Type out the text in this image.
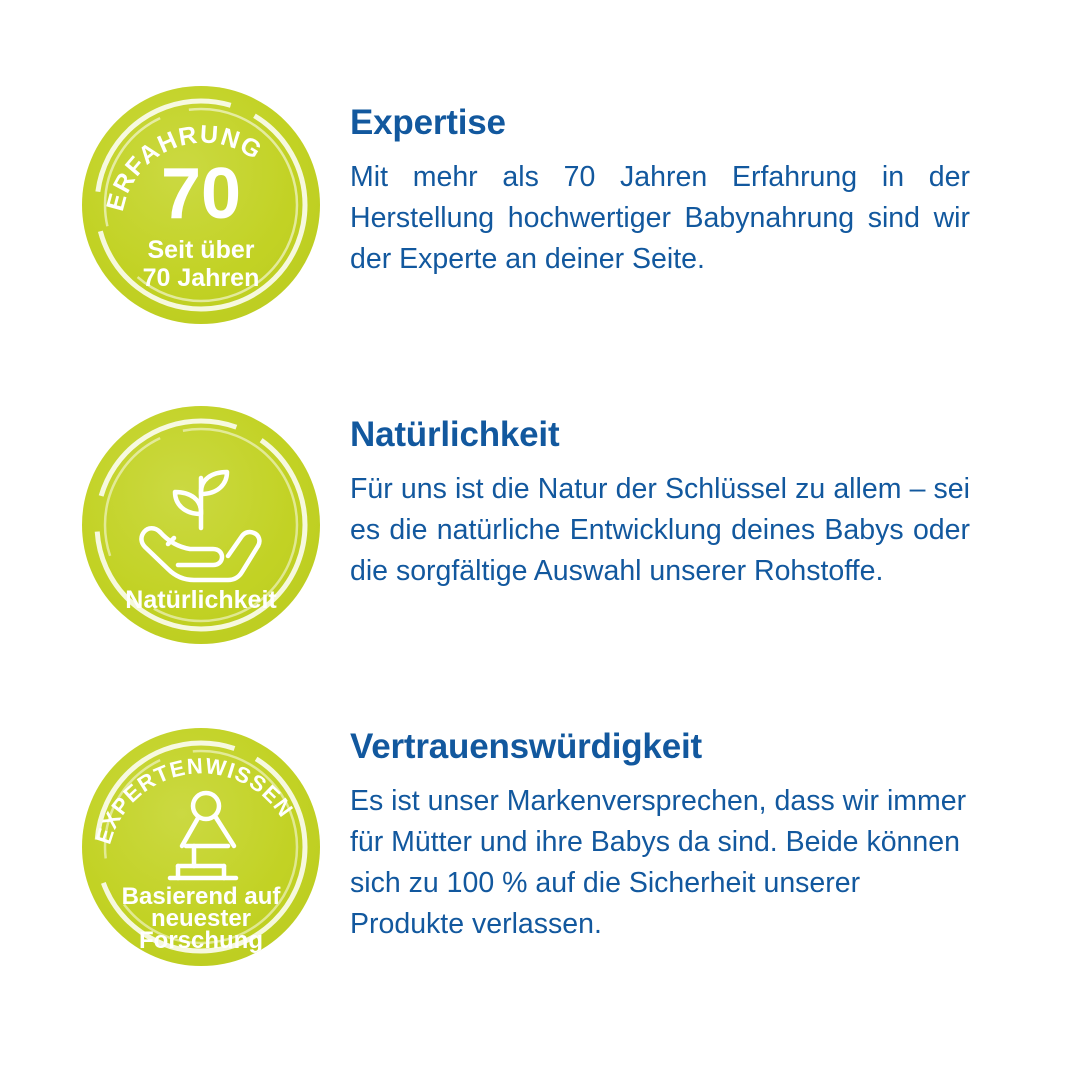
ERFAHRUNG
70
Seit über
70 Jahren
Expertise

Mit mehr als 70 Jahren Erfahrung in der Herstellung hochwertiger Babynahrung sind wir der Experte an deiner Seite.

Natürlichkeit
Natürlichkeit

Für uns ist die Natur der Schlüssel zu allem – sei es die natürliche Entwicklung deines Babys oder die sorgfältige Auswahl unserer Rohstoffe.

EXPERTENWISSEN
Basierend auf
neuester
Forschung
Vertrauenswürdigkeit

Es ist unser Markenversprechen, dass wir immer für Mütter und ihre Babys da sind. Beide können sich zu 100 % auf die Sicherheit unserer Produkte verlassen.
